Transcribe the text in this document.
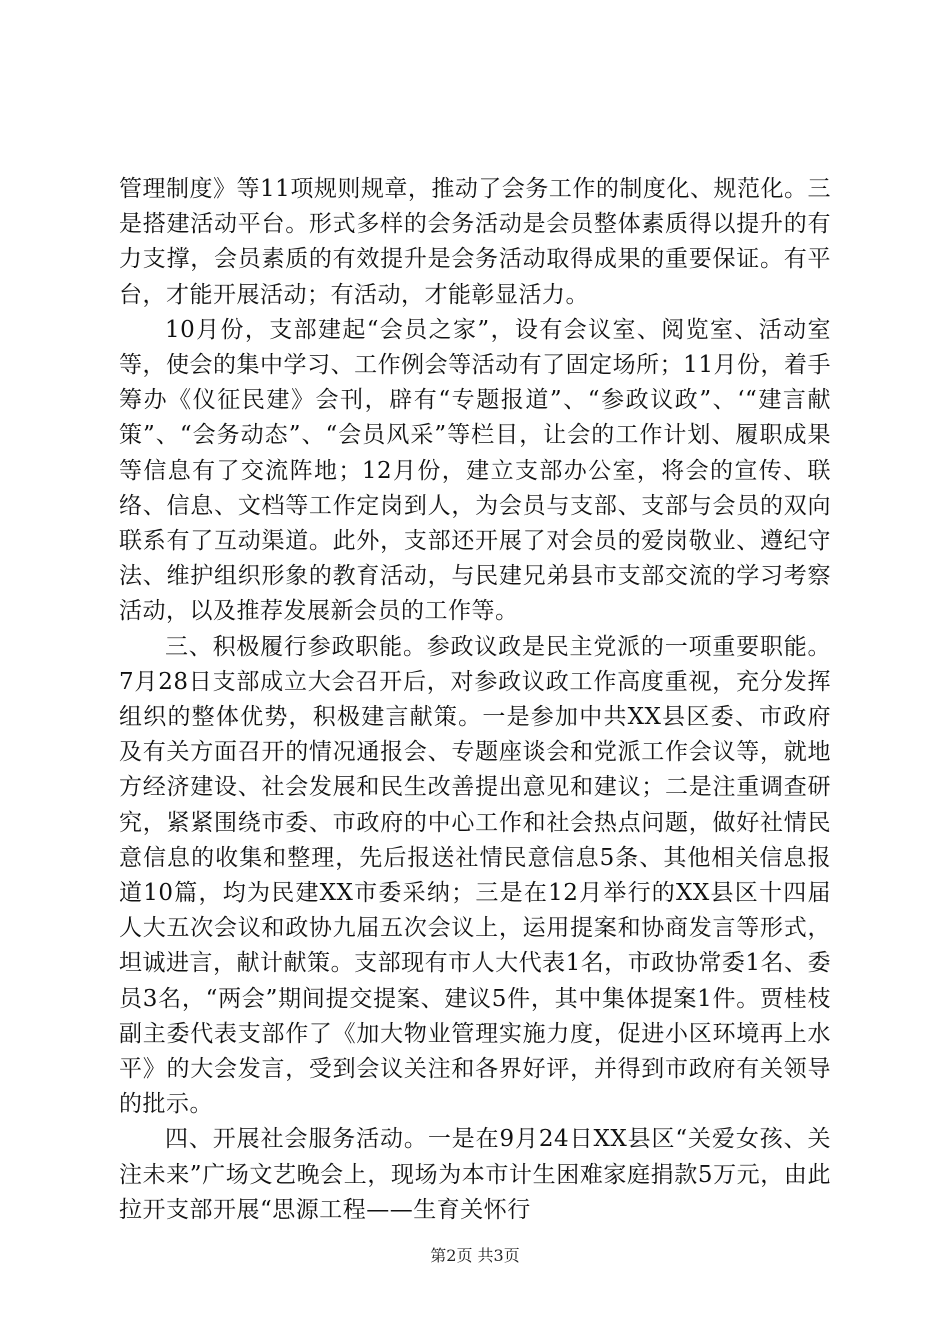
管理制度》等11项规则规章，推动了会务工作的制度化、规范化。三是搭建活动平台。形式多样的会务活动是会员整体素质得以提升的有力支撑，会员素质的有效提升是会务活动取得成果的重要保证。有平台，才能开展活动；有活动，才能彰显活力。

10月份，支部建起“会员之家”，设有会议室、阅览室、活动室等，使会的集中学习、工作例会等活动有了固定场所；11月份，着手筹办《仪征民建》会刊，辟有“专题报道”、“参政议政”、‘“建言献策”、“会务动态”、“会员风采”等栏目，让会的工作计划、履职成果等信息有了交流阵地；12月份，建立支部办公室，将会的宣传、联络、信息、文档等工作定岗到人，为会员与支部、支部与会员的双向联系有了互动渠道。此外，支部还开展了对会员的爱岗敬业、遵纪守法、维护组织形象的教育活动，与民建兄弟县市支部交流的学习考察活动，以及推荐发展新会员的工作等。

三、积极履行参政职能。参政议政是民主党派的一项重要职能。7月28日支部成立大会召开后，对参政议政工作高度重视，充分发挥组织的整体优势，积极建言献策。一是参加中共XX县区委、市政府及有关方面召开的情况通报会、专题座谈会和党派工作会议等，就地方经济建设、社会发展和民生改善提出意见和建议；二是注重调查研究，紧紧围绕市委、市政府的中心工作和社会热点问题，做好社情民意信息的收集和整理，先后报送社情民意信息5条、其他相关信息报道10篇，均为民建XX市委采纳；三是在12月举行的XX县区十四届人大五次会议和政协九届五次会议上，运用提案和协商发言等形式，坦诚进言，献计献策。支部现有市人大代表1名，市政协常委1名、委员3名，“两会”期间提交提案、建议5件，其中集体提案1件。贾桂枝副主委代表支部作了《加大物业管理实施力度，促进小区环境再上水平》的大会发言，受到会议关注和各界好评，并得到市政府有关领导的批示。

四、开展社会服务活动。一是在9月24日XX县区“关爱女孩、关注未来”广场文艺晚会上，现场为本市计生困难家庭捐款5万元，由此拉开支部开展“思源工程——生育关怀行

第2页 共3页
